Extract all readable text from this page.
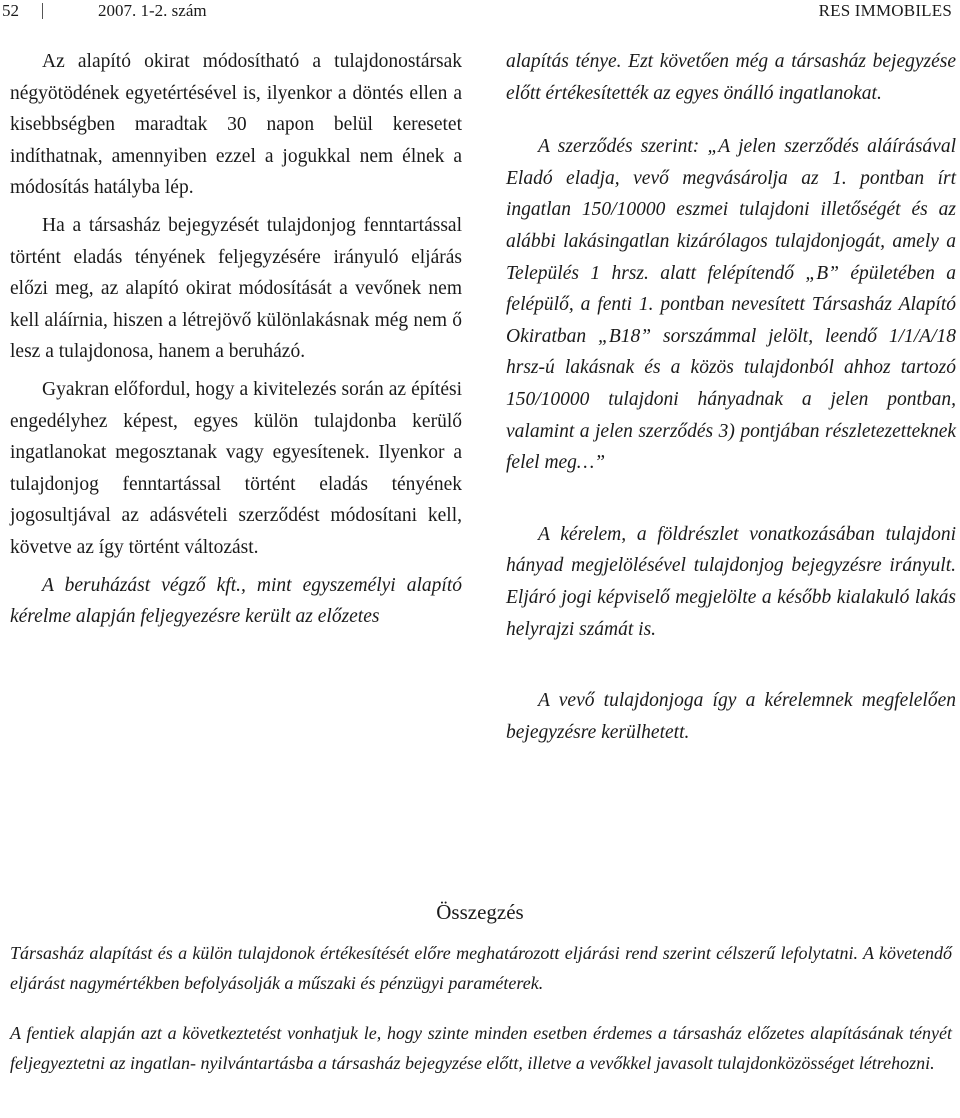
52	2007. 1-2. szám	RES IMMOBILES

Az alapító okirat módosítható a tulajdonostársak négyötödének egyetértésével is, ilyenkor a döntés ellen a kisebbségben maradtak 30 napon belül keresetet indíthatnak, amennyiben ezzel a jogukkal nem élnek a módosítás hatályba lép.

Ha a társasház bejegyzését tulajdonjog fenntartással történt eladás tényének feljegyzésére irányuló eljárás előzi meg, az alapító okirat módosítását a vevőnek nem kell aláírnia, hiszen a létrejövő különlakásnak még nem ő lesz a tulajdonosa, hanem a beruházó.

Gyakran előfordul, hogy a kivitelezés során az építési engedélyhez képest, egyes külön tulajdonba kerülő ingatlanokat megosztanak vagy egyesítenek. Ilyenkor a tulajdonjog fenntartással történt eladás tényének jogosultjával az adásvételi szerződést módosítani kell, követve az így történt változást.

A beruházást végző kft., mint egyszemélyi alapító kérelme alapján feljegyezésre került az előzetes

alapítás ténye. Ezt követően még a társasház bejegyzése előtt értékesítették az egyes önálló ingatlanokat.

A szerződés szerint: „A jelen szerződés aláírásával Eladó eladja, vevő megvásárolja az 1. pontban írt ingatlan 150/10000 eszmei tulajdoni illetőségét és az alábbi lakásingatlan kizárólagos tulajdonjogát, amely a Település 1 hrsz. alatt felépítendő „B” épületében a felépülő, a fenti 1. pontban nevesített Társasház Alapító Okiratban „B18” sorszámmal jelölt, leendő 1/1/A/18 hrsz-ú lakásnak és a közös tulajdonból ahhoz tartozó 150/10000 tulajdoni hányadnak a jelen pontban, valamint a jelen szerződés 3) pontjában részletezetteknek felel meg…”

A kérelem, a földrészlet vonatkozásában tulajdoni hányad megjelölésével tulajdonjog bejegyzésre irányult. Eljáró jogi képviselő megjelölte a később kialakuló lakás helyrajzi számát is.

A vevő tulajdonjoga így a kérelemnek megfelelően bejegyzésre kerülhetett.

Összegzés

Társasház alapítást és a külön tulajdonok értékesítését előre meghatározott eljárási rend szerint célszerű lefolytatni. A követendő eljárást nagymértékben befolyásolják a műszaki és pénzügyi paraméterek.

A fentiek alapján azt a következtetést vonhatjuk le, hogy szinte minden esetben érdemes a társasház előzetes alapításának tényét feljegyeztetni az ingatlan- nyilvántartásba a társasház bejegyzése előtt, illetve a vevőkkel javasolt tulajdonközösséget létrehozni.
